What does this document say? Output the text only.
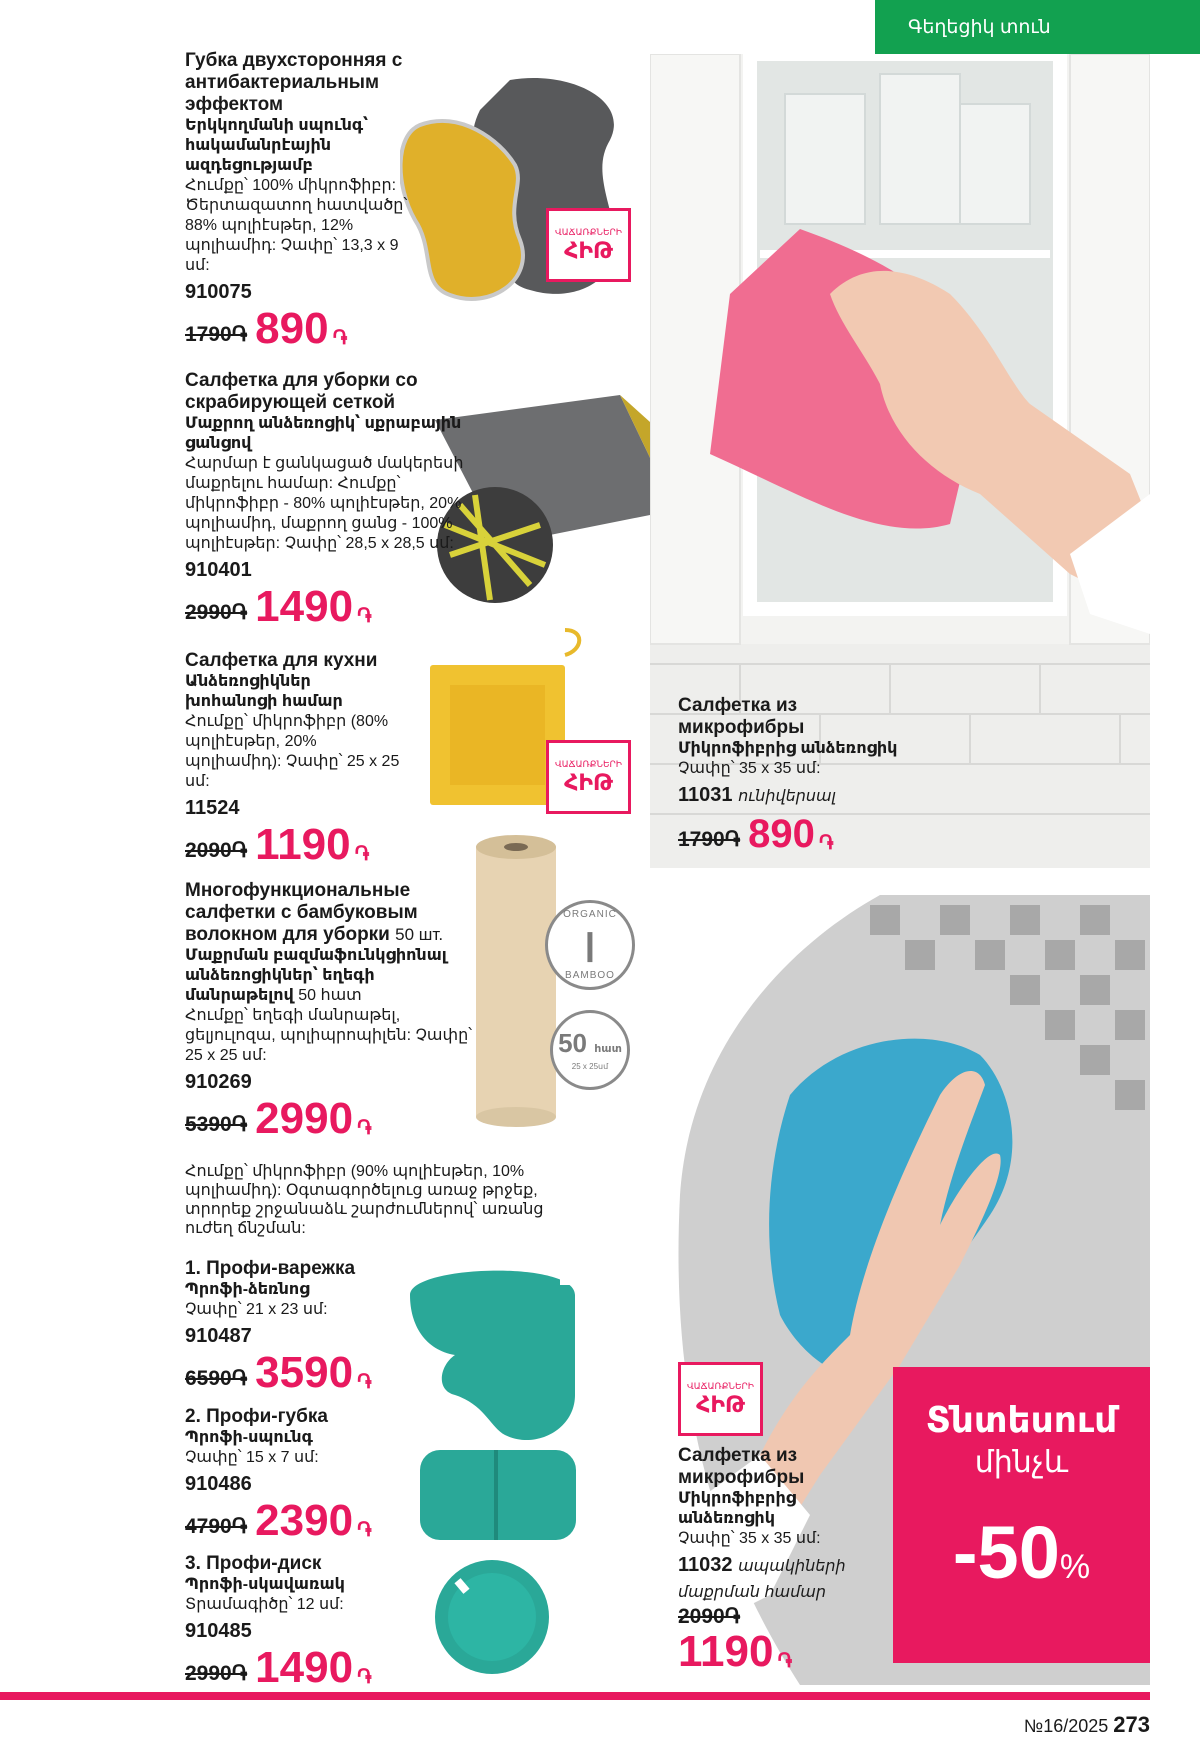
Գեղեցիկ տուն
ՎԱՃԱՌՔՆԵՐԻ
ՀԻԹ
Губка двухсторонняя с антибактериальным эффектом
Երկկողմանի սպունգ՝ հակամանրէային ազդեցությամբ
Հումքը՝ 100% միկրոֆիբր: Ծերտազատող հատվածը՝ 88% պոլիէսթեր, 12% պոլիամիդ: Չափը՝ 13,3 x 9 սմ:
910075
1790֏ 890 ֏
Салфетка для уборки со скрабирующей сеткой
Մաքրող անձեռոցիկ՝ սքրաբային ցանցով
Հարմար է ցանկացած մակերեսի մաքրելու համար: Հումքը՝ միկրոֆիբր - 80% պոլիէսթեր, 20% պոլիամիդ, մաքրող ցանց - 100% պոլիէսթեր: Չափը՝ 28,5 x 28,5 սմ:
910401
2990֏ 1490 ֏
ՎԱՃԱՌՔՆԵՐԻ
ՀԻԹ
Салфетка для кухни
Անձեռոցիկներ խոհանոցի համար
Հումքը՝ միկրոֆիբր (80% պոլիէսթեր, 20% պոլիամիդ): Չափը՝ 25 x 25 սմ:
11524
2090֏ 1190 ֏
ORGANIC
❙
BAMBOO
50 հատ
25 x 25սմ
Многофункциональные салфетки с бамбуковым волокном для уборки 50 шт.
Մաքրման բազմաֆունկցիոնալ անձեռոցիկներ՝ եղեգի մանրաթելով 50 հատ
Հումքը՝ եղեգի մանրաթել, ցելյուլոզա, պոլիպրոպիլեն: Չափը՝ 25 x 25 սմ:
910269
5390֏ 2990 ֏
Հումքը՝ միկրոֆիբր (90% պոլիէսթեր, 10% պոլիամիդ): Օգտագործելուց առաջ թրջեք, տրորեք շրջանաձև շարժումներով՝ առանց ուժեղ ճնշման:
1. Профи-варежка
Պրոֆի-ձեռնոց
Չափը՝ 21 x 23 սմ:
910487
6590֏ 3590 ֏
2. Профи-губка
Պրոֆի-սպունգ
Չափը՝ 15 x 7 սմ:
910486
4790֏ 2390 ֏
3. Профи-диск
Պրոֆի-սկավառակ
Տրամագիծը՝ 12 սմ:
910485
2990֏ 1490 ֏
Салфетка из микрофибры
Միկրոֆիբրից անձեռոցիկ
Չափը՝ 35 x 35 սմ:
11031 ունիվերսալ
1790֏ 890 ֏
ՎԱՃԱՌՔՆԵՐԻ
ՀԻԹ
Салфетка из микрофибры
Միկրոֆիբրից անձեռոցիկ
Չափը՝ 35 x 35 սմ:
11032 ապակիների մաքրման համար
2090֏
1190 ֏
Տնտեսում
մինչև
-50%
№16/2025 273
